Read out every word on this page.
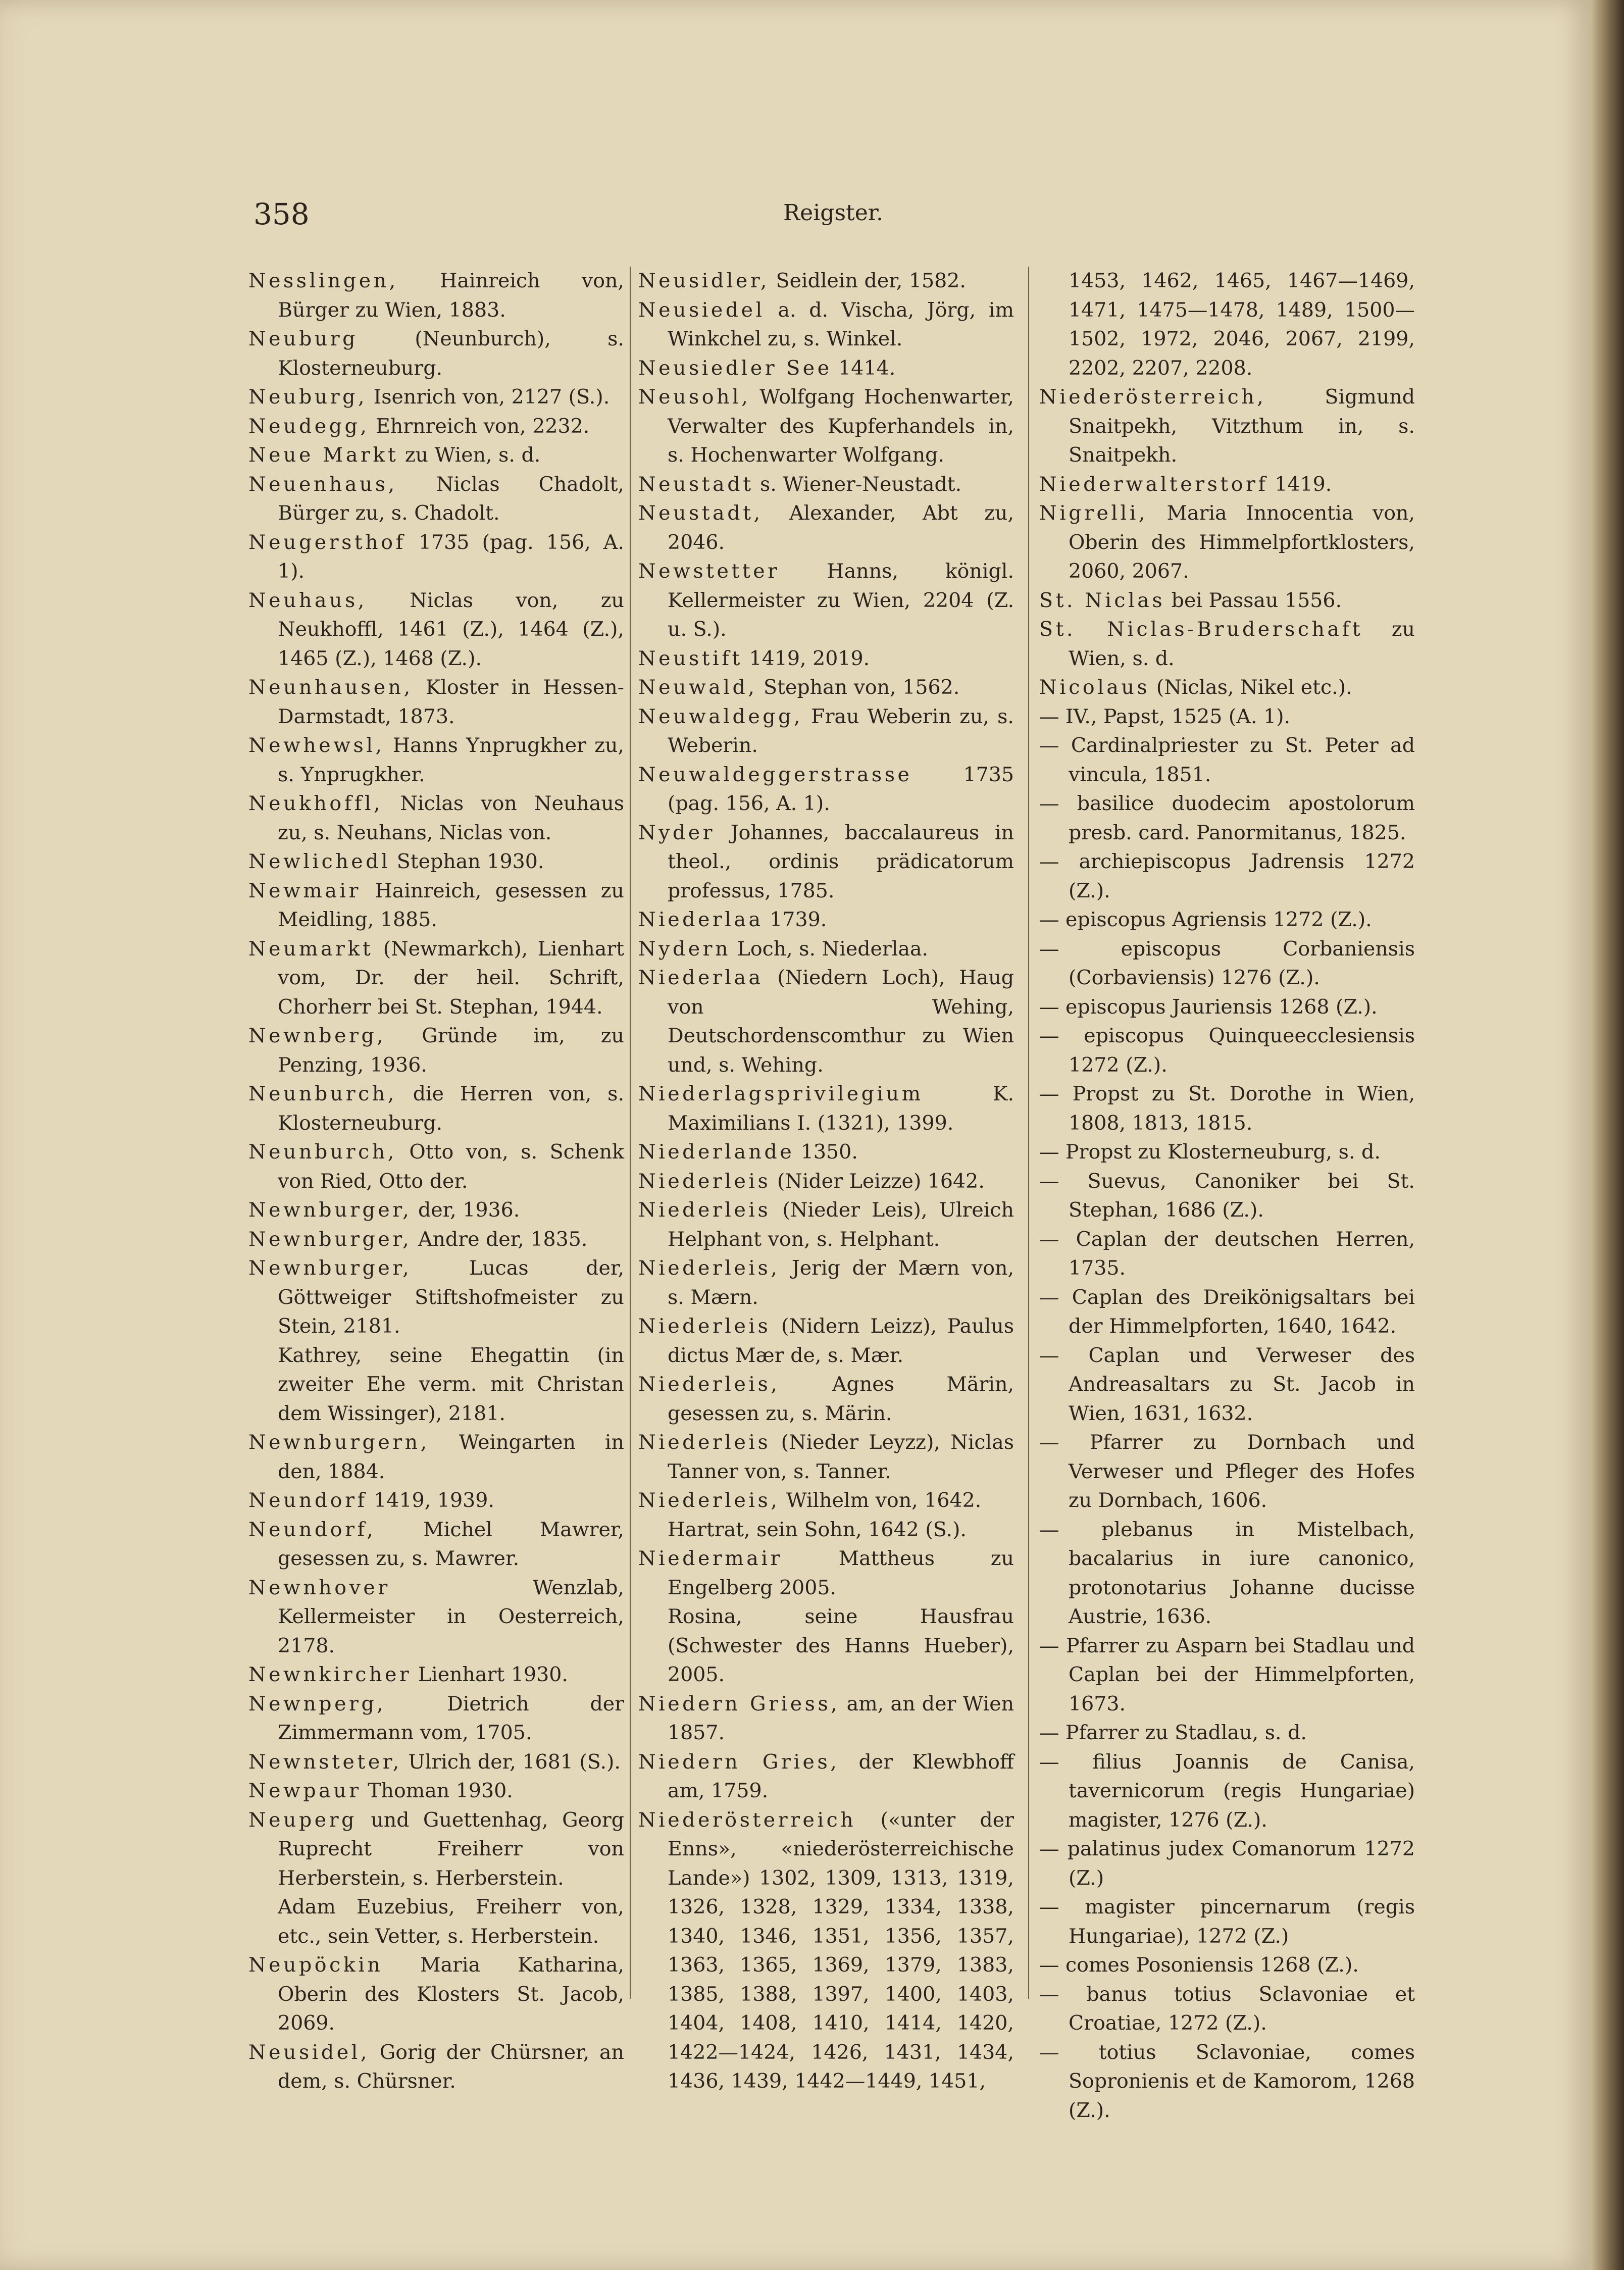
358	Reigster.

Nesslingen, Hainreich von, Bürger zu Wien, 1883.

Neuburg (Neunburch), s. Klosterneuburg.

Neuburg, Isenrich von, 2127 (S.).

Neudegg, Ehrnreich von, 2232.

Neue Markt zu Wien, s. d.

Neuenhaus, Niclas Chadolt, Bürger zu, s. Chadolt.

Neugersthof 1735 (pag. 156, A. 1).

Neuhaus, Niclas von, zu Neukhoffl, 1461 (Z.), 1464 (Z.), 1465 (Z.), 1468 (Z.).

Neunhausen, Kloster in Hessen-Darmstadt, 1873.

Newhewsl, Hanns Ynprugkher zu, s. Ynprugkher.

Neukhoffl, Niclas von Neuhaus zu, s. Neuhans, Niclas von.

Newlichedl Stephan 1930.

Newmair Hainreich, gesessen zu Meidling, 1885.

Neumarkt (Newmarkch), Lienhart vom, Dr. der heil. Schrift, Chorherr bei St. Stephan, 1944.

Newnberg, Gründe im, zu Penzing, 1936.

Neunburch, die Herren von, s. Klosterneuburg.

Neunburch, Otto von, s. Schenk von Ried, Otto der.

Newnburger, der, 1936.

Newnburger, Andre der, 1835.

Newnburger, Lucas der, Göttweiger Stiftshofmeister zu Stein, 2181.

Kathrey, seine Ehegattin (in zweiter Ehe verm. mit Christan dem Wissinger), 2181.

Newnburgern, Weingarten in den, 1884.

Neundorf 1419, 1939.

Neundorf, Michel Mawrer, gesessen zu, s. Mawrer.

Newnhover Wenzlab, Kellermeister in Oesterreich, 2178.

Newnkircher Lienhart 1930.

Newnperg, Dietrich der Zimmermann vom, 1705.

Newnsteter, Ulrich der, 1681 (S.).

Newpaur Thoman 1930.

Neuperg und Guettenhag, Georg Ruprecht Freiherr von Herberstein, s. Herberstein.

Adam Euzebius, Freiherr von, etc., sein Vetter, s. Herberstein.

Neupöckin Maria Katharina, Oberin des Klosters St. Jacob, 2069.

Neusidel, Gorig der Chürsner, an dem, s. Chürsner.

Neusidler, Seidlein der, 1582.

Neusiedel a. d. Vischa, Jörg, im Winkchel zu, s. Winkel.

Neusiedler See 1414.

Neusohl, Wolfgang Hochenwarter, Verwalter des Kupferhandels in, s. Hochenwarter Wolfgang.

Neustadt s. Wiener-Neustadt.

Neustadt, Alexander, Abt zu, 2046.

Newstetter Hanns, königl. Kellermeister zu Wien, 2204 (Z. u. S.).

Neustift 1419, 2019.

Neuwald, Stephan von, 1562.

Neuwaldegg, Frau Weberin zu, s. Weberin.

Neuwaldeggerstrasse 1735 (pag. 156, A. 1).

Nyder Johannes, baccalaureus in theol., ordinis prädicatorum professus, 1785.

Niederlaa 1739.

Nydern Loch, s. Niederlaa.

Niederlaa (Niedern Loch), Haug von Wehing, Deutschordenscomthur zu Wien und, s. Wehing.

Niederlagsprivilegium K. Maximilians I. (1321), 1399.

Niederlande 1350.

Niederleis (Nider Leizze) 1642.

Niederleis (Nieder Leis), Ulreich Helphant von, s. Helphant.

Niederleis, Jerig der Mærn von, s. Mærn.

Niederleis (Nidern Leizz), Paulus dictus Mær de, s. Mær.

Niederleis, Agnes Märin, gesessen zu, s. Märin.

Niederleis (Nieder Leyzz), Niclas Tanner von, s. Tanner.

Niederleis, Wilhelm von, 1642.

Hartrat, sein Sohn, 1642 (S.).

Niedermair Mattheus zu Engelberg 2005.

Rosina, seine Hausfrau (Schwester des Hanns Hueber), 2005.

Niedern Griess, am, an der Wien 1857.

Niedern Gries, der Klewbhoff am, 1759.

Niederösterreich («unter der Enns», «niederösterreichische Lande») 1302, 1309, 1313, 1319, 1326, 1328, 1329, 1334, 1338, 1340, 1346, 1351, 1356, 1357, 1363, 1365, 1369, 1379, 1383, 1385, 1388, 1397, 1400, 1403, 1404, 1408, 1410, 1414, 1420, 1422—1424, 1426, 1431, 1434, 1436, 1439, 1442—1449, 1451,

1453, 1462, 1465, 1467—1469, 1471, 1475—1478, 1489, 1500—1502, 1972, 2046, 2067, 2199, 2202, 2207, 2208.

Niederösterreich, Sigmund Snaitpekh, Vitzthum in, s. Snaitpekh.

Niederwalterstorf 1419.

Nigrelli, Maria Innocentia von, Oberin des Himmelpfortklosters, 2060, 2067.

St. Niclas bei Passau 1556.

St. Niclas-Bruderschaft zu Wien, s. d.

Nicolaus (Niclas, Nikel etc.).

— IV., Papst, 1525 (A. 1).

— Cardinalpriester zu St. Peter ad vincula, 1851.

— basilice duodecim apostolorum presb. card. Panormitanus, 1825.

— archiepiscopus Jadrensis 1272 (Z.).

— episcopus Agriensis 1272 (Z.).

— episcopus Corbaniensis (Corbaviensis) 1276 (Z.).

— episcopus Jauriensis 1268 (Z.).

— episcopus Quinqueecclesiensis 1272 (Z.).

— Propst zu St. Dorothe in Wien, 1808, 1813, 1815.

— Propst zu Klosterneuburg, s. d.

— Suevus, Canoniker bei St. Stephan, 1686 (Z.).

— Caplan der deutschen Herren, 1735.

— Caplan des Dreikönigsaltars bei der Himmelpforten, 1640, 1642.

— Caplan und Verweser des Andreasaltars zu St. Jacob in Wien, 1631, 1632.

— Pfarrer zu Dornbach und Verweser und Pfleger des Hofes zu Dornbach, 1606.

— plebanus in Mistelbach, bacalarius in iure canonico, protonotarius Johanne ducisse Austrie, 1636.

— Pfarrer zu Asparn bei Stadlau und Caplan bei der Himmelpforten, 1673.

— Pfarrer zu Stadlau, s. d.

— filius Joannis de Canisa, tavernicorum (regis Hungariae) magister, 1276 (Z.).

— palatinus judex Comanorum 1272 (Z.)

— magister pincernarum (regis Hungariae), 1272 (Z.)

— comes Posoniensis 1268 (Z.).

— banus totius Sclavoniae et Croatiae, 1272 (Z.).

— totius Sclavoniae, comes Sopronienis et de Kamorom, 1268 (Z.).
